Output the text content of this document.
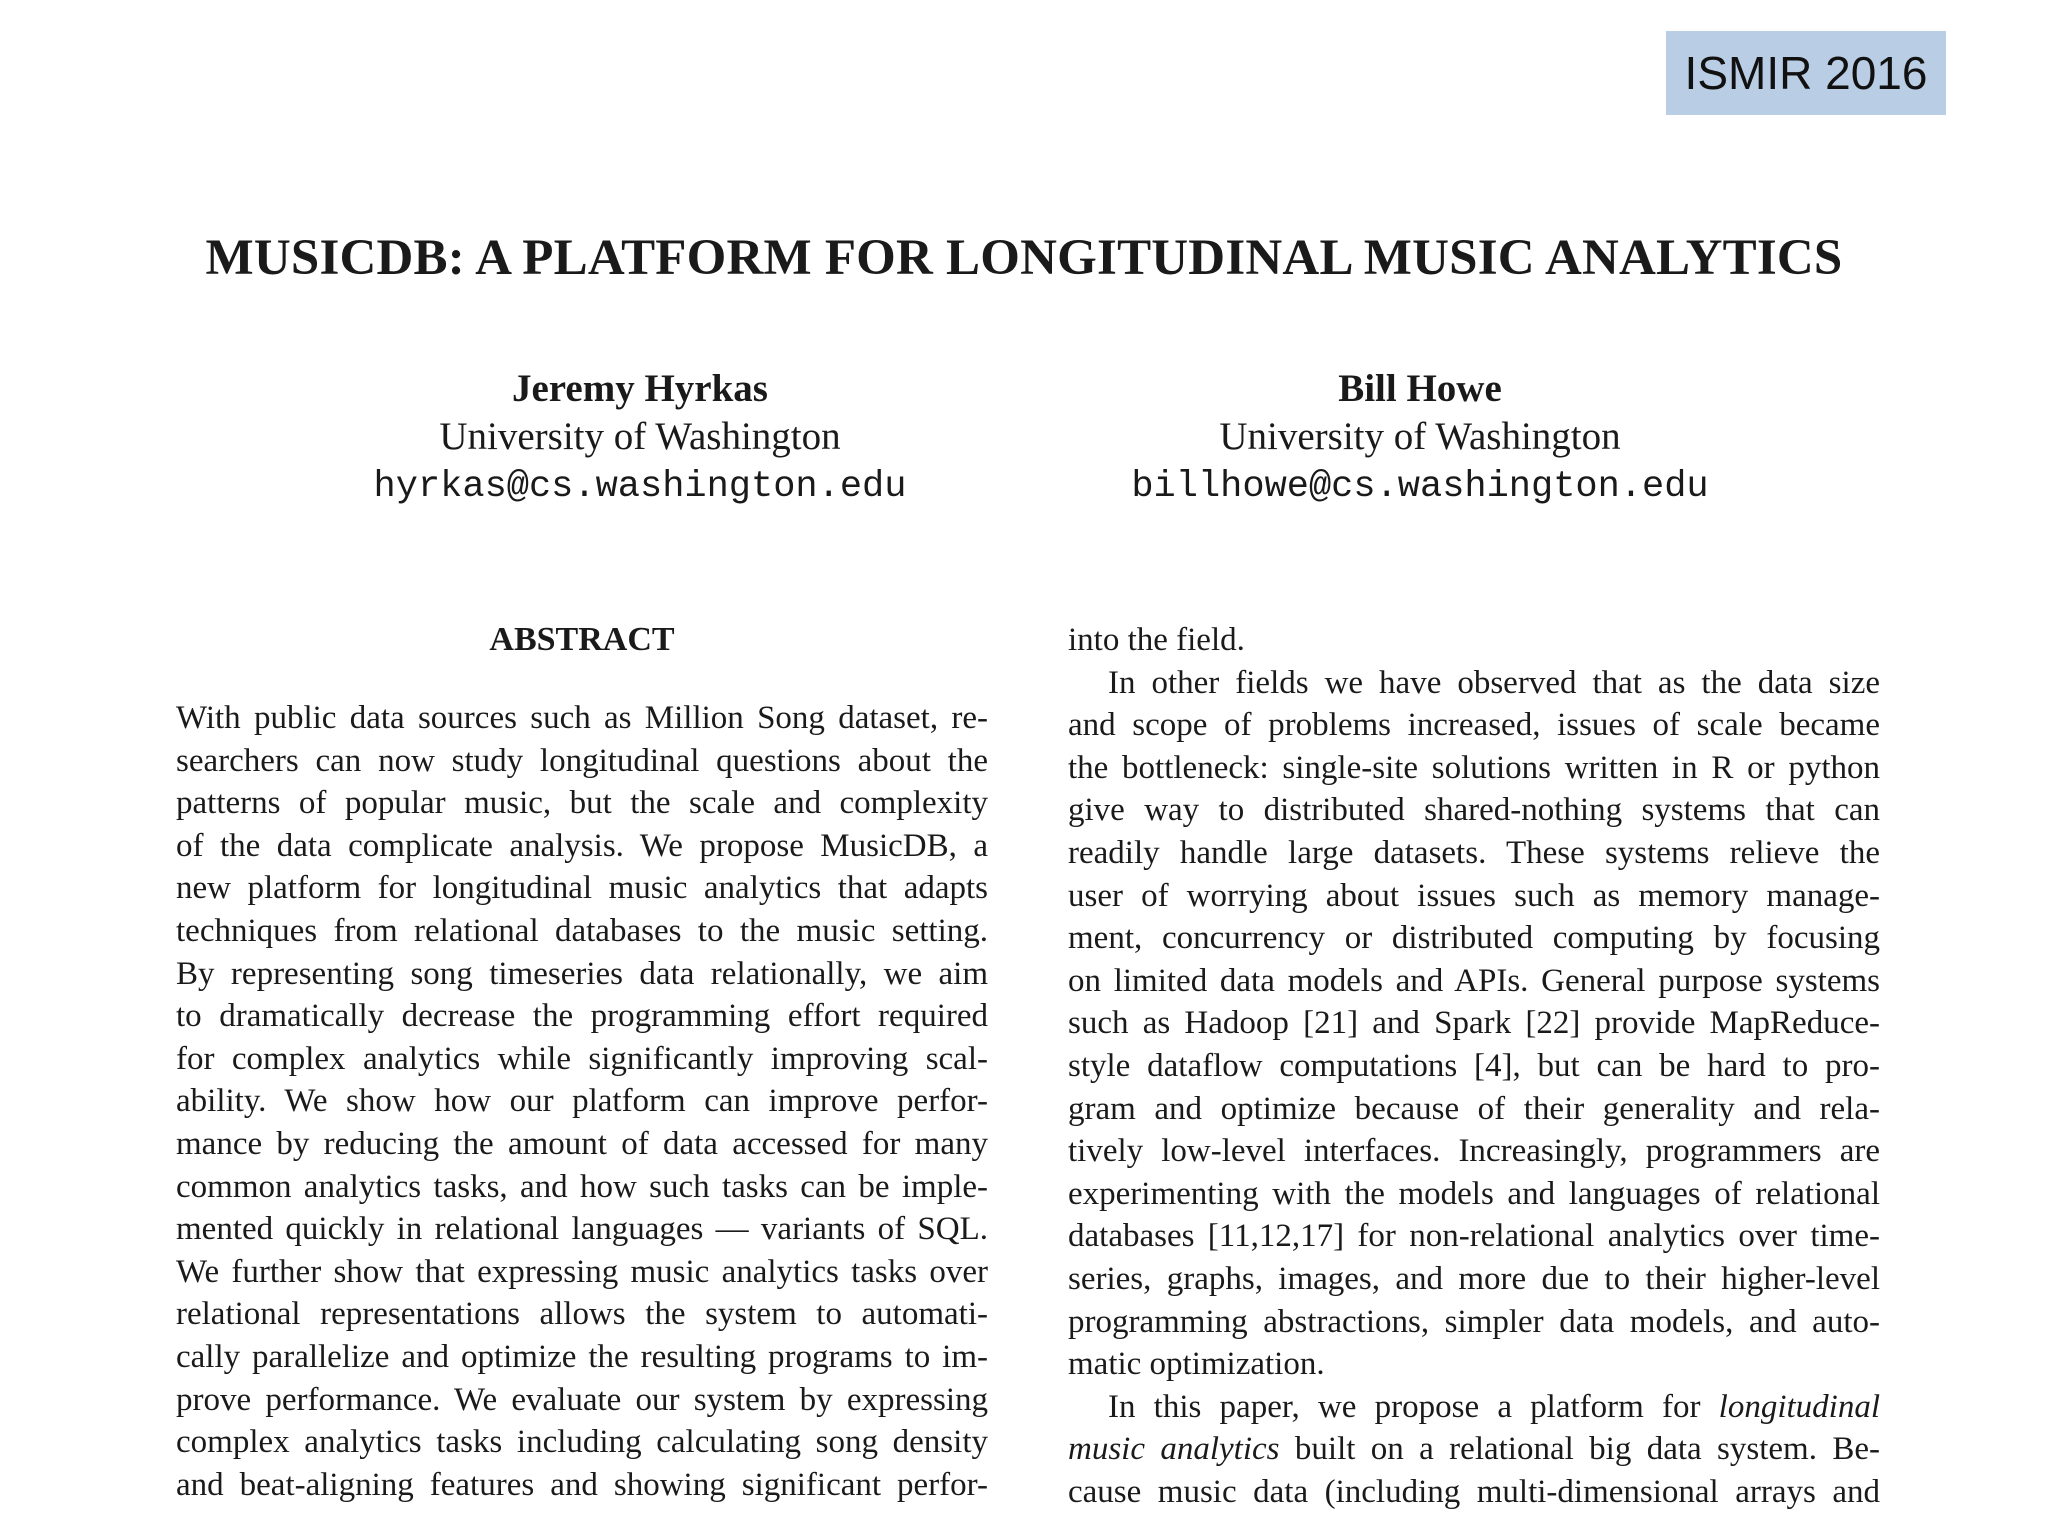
ISMIR 2016
MUSICDB: A PLATFORM FOR LONGITUDINAL MUSIC ANALYTICS
Jeremy Hyrkas
University of Washington
hyrkas@cs.washington.edu
Bill Howe
University of Washington
billhowe@cs.washington.edu
ABSTRACT
With public data sources such as Million Song dataset, re-
searchers can now study longitudinal questions about the
patterns of popular music, but the scale and complexity
of the data complicate analysis. We propose MusicDB, a
new platform for longitudinal music analytics that adapts
techniques from relational databases to the music setting.
By representing song timeseries data relationally, we aim
to dramatically decrease the programming effort required
for complex analytics while significantly improving scal-
ability. We show how our platform can improve perfor-
mance by reducing the amount of data accessed for many
common analytics tasks, and how such tasks can be imple-
mented quickly in relational languages — variants of SQL.
We further show that expressing music analytics tasks over
relational representations allows the system to automati-
cally parallelize and optimize the resulting programs to im-
prove performance. We evaluate our system by expressing
complex analytics tasks including calculating song density
and beat-aligning features and showing significant perfor-
into the field.
In other fields we have observed that as the data size
and scope of problems increased, issues of scale became
the bottleneck: single-site solutions written in R or python
give way to distributed shared-nothing systems that can
readily handle large datasets. These systems relieve the
user of worrying about issues such as memory manage-
ment, concurrency or distributed computing by focusing
on limited data models and APIs. General purpose systems
such as Hadoop [21] and Spark [22] provide MapReduce-
style dataflow computations [4], but can be hard to pro-
gram and optimize because of their generality and rela-
tively low-level interfaces. Increasingly, programmers are
experimenting with the models and languages of relational
databases [11,12,17] for non-relational analytics over time-
series, graphs, images, and more due to their higher-level
programming abstractions, simpler data models, and auto-
matic optimization.
In this paper, we propose a platform for longitudinal
music analytics built on a relational big data system. Be-
cause music data (including multi-dimensional arrays and
